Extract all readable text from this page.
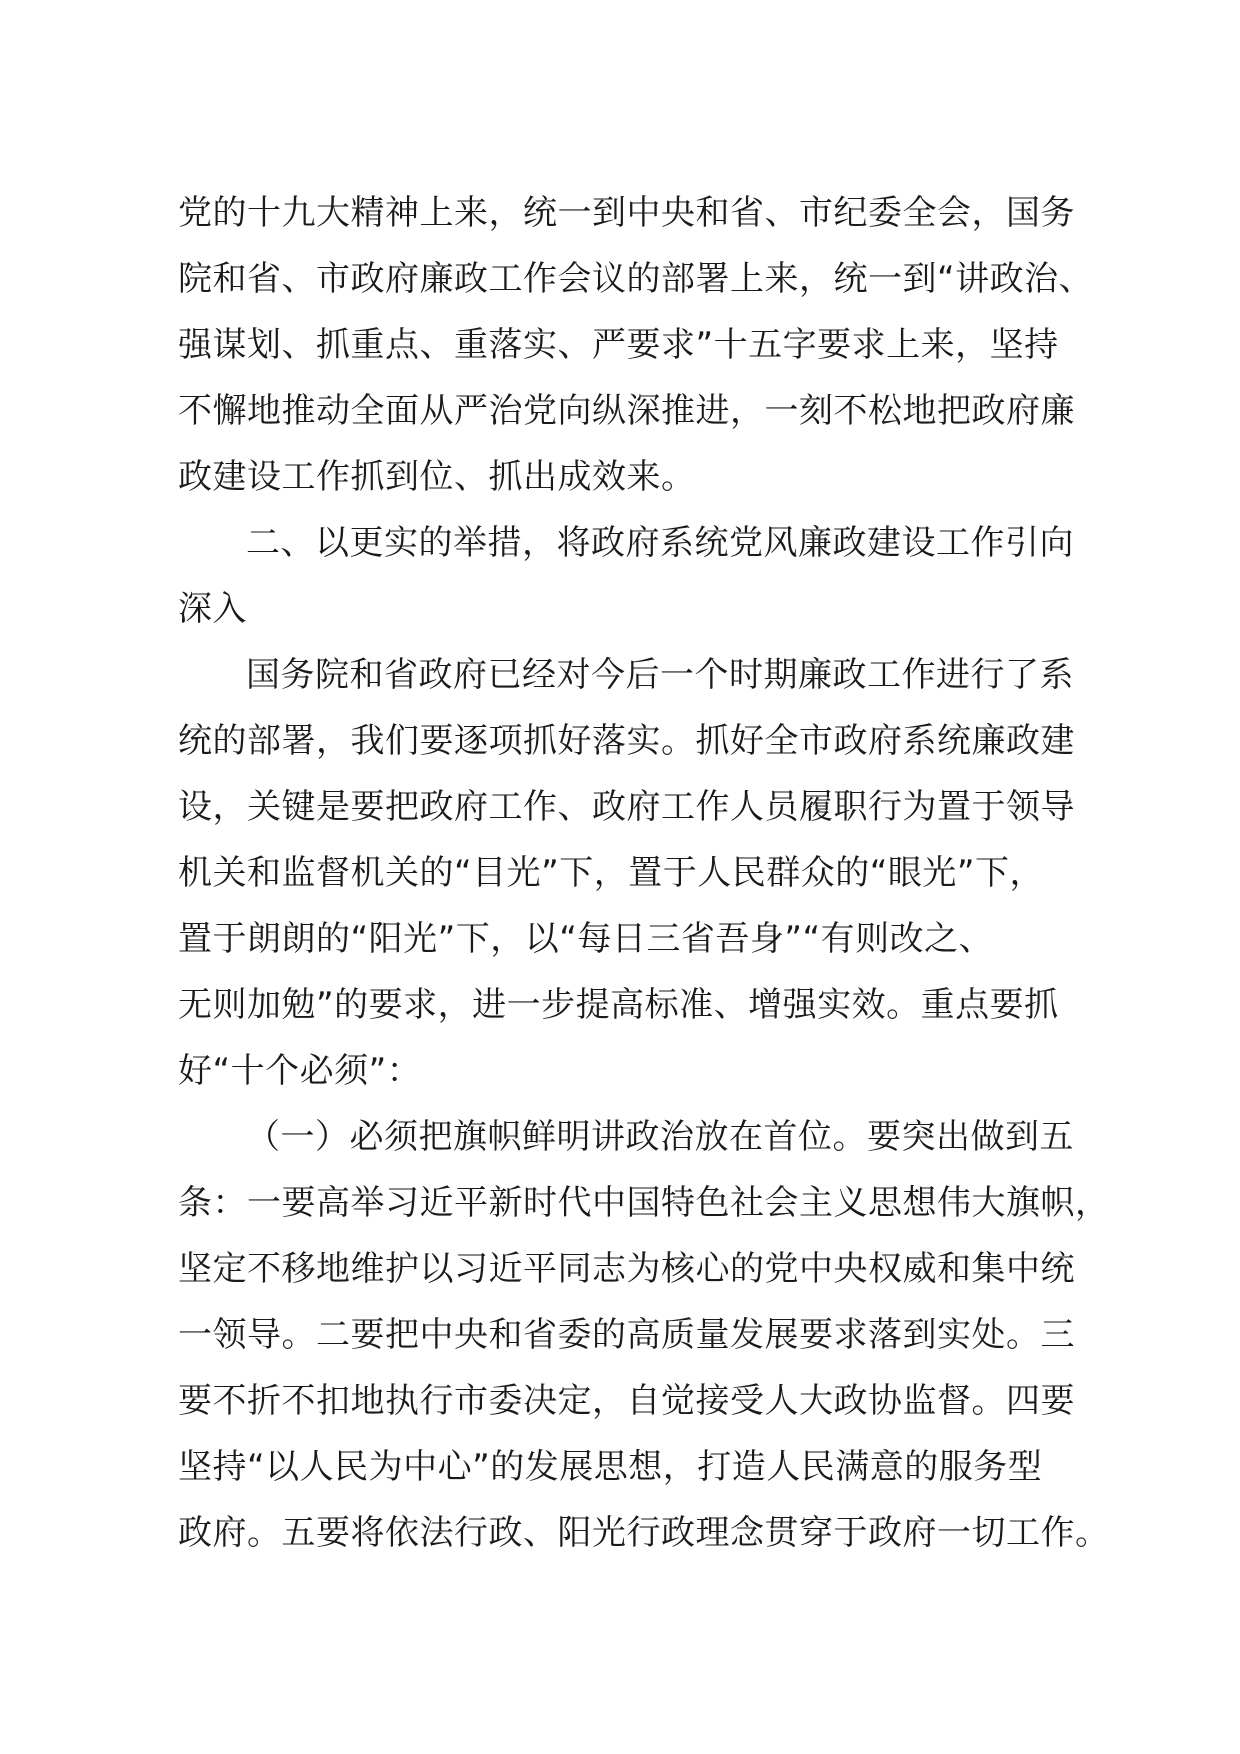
党的十九大精神上来，统一到中央和省、市纪委全会，国务
院和省、市政府廉政工作会议的部署上来，统一到“讲政治、
强谋划、抓重点、重落实、严要求”十五字要求上来，坚持
不懈地推动全面从严治党向纵深推进，一刻不松地把政府廉
政建设工作抓到位、抓出成效来。
二、以更实的举措，将政府系统党风廉政建设工作引向
深入
国务院和省政府已经对今后一个时期廉政工作进行了系
统的部署，我们要逐项抓好落实。抓好全市政府系统廉政建
设，关键是要把政府工作、政府工作人员履职行为置于领导
机关和监督机关的“目光”下，置于人民群众的“眼光”下，
置于朗朗的“阳光”下，以“每日三省吾身”“有则改之、
无则加勉”的要求，进一步提高标准、增强实效。重点要抓
好“十个必须”：
（一）必须把旗帜鲜明讲政治放在首位。要突出做到五
条：一要高举习近平新时代中国特色社会主义思想伟大旗帜，
坚定不移地维护以习近平同志为核心的党中央权威和集中统
一领导。二要把中央和省委的高质量发展要求落到实处。三
要不折不扣地执行市委决定，自觉接受人大政协监督。四要
坚持“以人民为中心”的发展思想，打造人民满意的服务型
政府。五要将依法行政、阳光行政理念贯穿于政府一切工作。
